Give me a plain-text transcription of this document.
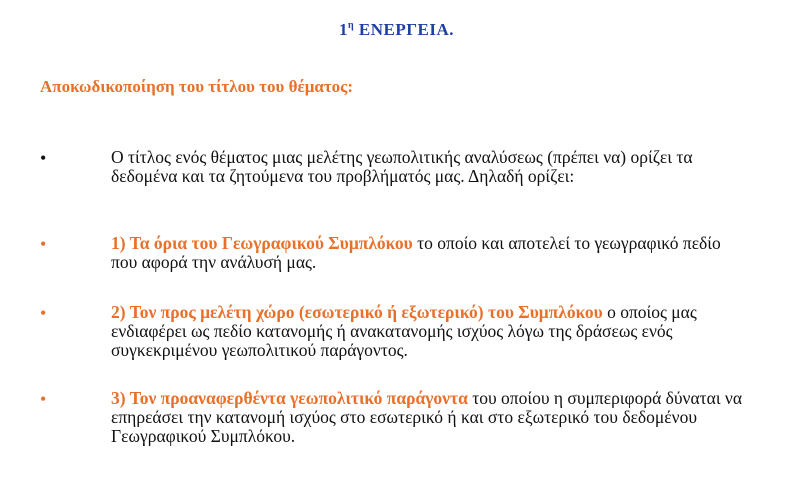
$1^\eta$ ΕΝΕΡΓΕΙΑ.
Αποκωδικοποίηση του τίτλου του θέματος:
•	Ο τίτλος ενός θέματος μιας μελέτης γεωπολιτικής αναλύσεως (πρέπει να) ορίζει τα δεδομένα και τα ζητούμενα του προβλήματός μας. Δηλαδή ορίζει:
•	1) Τα όρια του Γεωγραφικού Συμπλόκου το οποίο και αποτελεί το γεωγραφικό πεδίο που αφορά την ανάλυσή μας.
•	2) Τον προς μελέτη χώρο (εσωτερικό ή εξωτερικό) του Συμπλόκου ο οποίος μας ενδιαφέρει ως πεδίο κατανομής ή ανακατανομής ισχύος λόγω της δράσεως ενός συγκεκριμένου γεωπολιτικού παράγοντος.
•	3) Τον προαναφερθέντα γεωπολιτικό παράγοντα του οποίου η συμπεριφορά δύναται να επηρεάσει την κατανομή ισχύος στο εσωτερικό ή και στο εξωτερικό του δεδομένου Γεωγραφικού Συμπλόκου.
